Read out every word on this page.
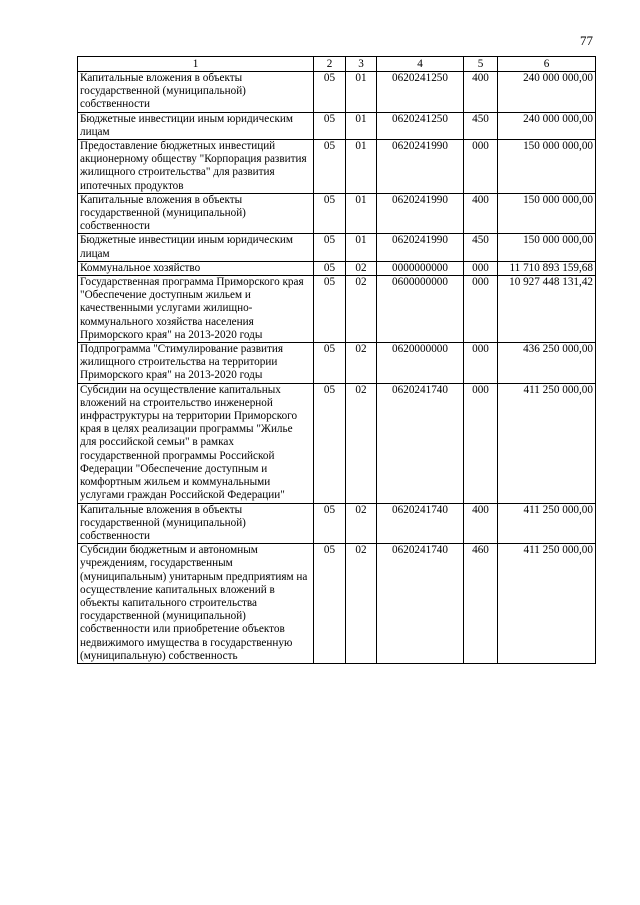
77
1	2	3	4	5	6
Капитальные вложения в объекты государственной (муниципальной) собственности	05	01	0620241250	400	240 000 000,00
Бюджетные инвестиции иным юридическим лицам	05	01	0620241250	450	240 000 000,00
Предоставление бюджетных инвестиций акционерному обществу "Корпорация развития жилищного строительства" для развития ипотечных продуктов	05	01	0620241990	000	150 000 000,00
Капитальные вложения в объекты государственной (муниципальной) собственности	05	01	0620241990	400	150 000 000,00
Бюджетные инвестиции иным юридическим лицам	05	01	0620241990	450	150 000 000,00
Коммунальное хозяйство	05	02	0000000000	000	11 710 893 159,68
Государственная программа Приморского края "Обеспечение доступным жильем и качественными услугами жилищно-коммунального хозяйства населения Приморского края" на 2013-2020 годы	05	02	0600000000	000	10 927 448 131,42
Подпрограмма "Стимулирование развития жилищного строительства на территории Приморского края" на 2013-2020 годы	05	02	0620000000	000	436 250 000,00
Субсидии на осуществление капитальных вложений на строительство инженерной инфраструктуры на территории Приморского края в целях реализации программы "Жилье для российской семьи" в рамках государственной программы Российской Федерации "Обеспечение доступным и комфортным жильем и коммунальными услугами граждан Российской Федерации"	05	02	0620241740	000	411 250 000,00
Капитальные вложения в объекты государственной (муниципальной) собственности	05	02	0620241740	400	411 250 000,00
Субсидии бюджетным и автономным учреждениям, государственным (муниципальным) унитарным предприятиям на осуществление капитальных вложений в объекты капитального строительства государственной (муниципальной) собственности или приобретение объектов недвижимого имущества в государственную (муниципальную) собственность	05	02	0620241740	460	411 250 000,00
